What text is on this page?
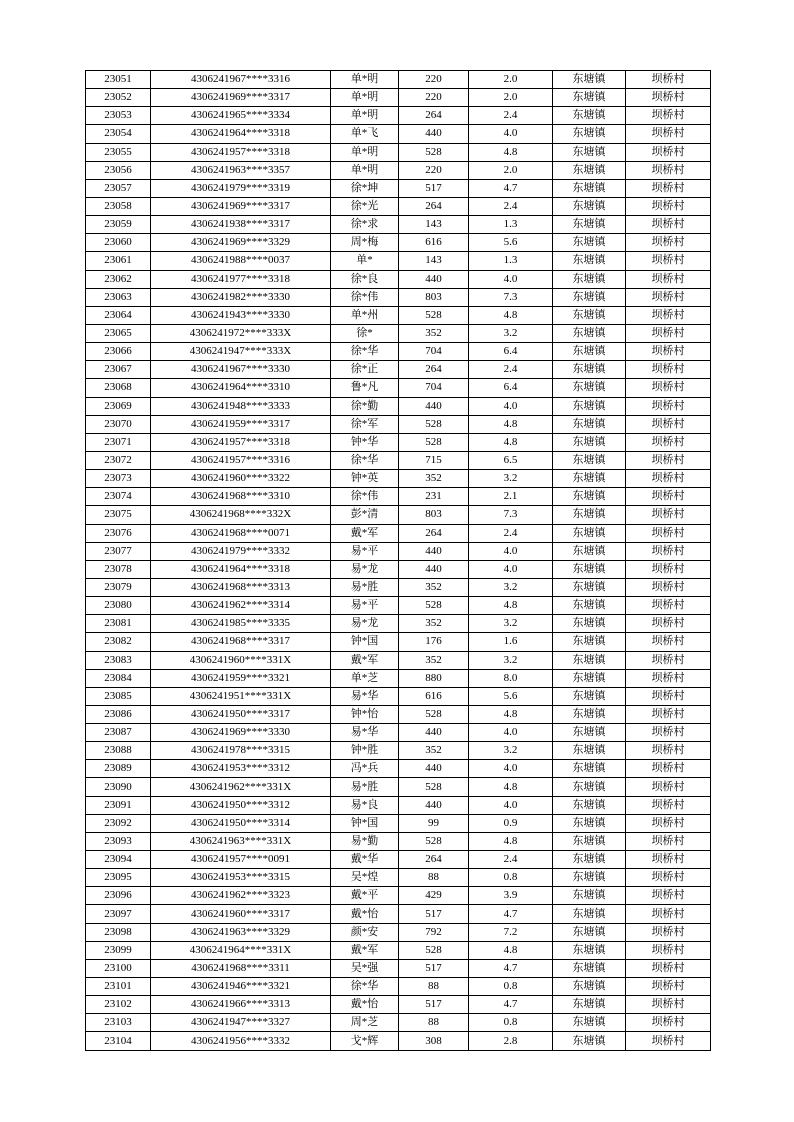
23051	4306241967****3316	单*明	220	2.0	东塘镇	坝桥村
23052	4306241969****3317	单*明	220	2.0	东塘镇	坝桥村
23053	4306241965****3334	单*明	264	2.4	东塘镇	坝桥村
23054	4306241964****3318	单*飞	440	4.0	东塘镇	坝桥村
23055	4306241957****3318	单*明	528	4.8	东塘镇	坝桥村
23056	4306241963****3357	单*明	220	2.0	东塘镇	坝桥村
23057	4306241979****3319	徐*坤	517	4.7	东塘镇	坝桥村
23058	4306241969****3317	徐*光	264	2.4	东塘镇	坝桥村
23059	4306241938****3317	徐*求	143	1.3	东塘镇	坝桥村
23060	4306241969****3329	周*梅	616	5.6	东塘镇	坝桥村
23061	4306241988****0037	单*	143	1.3	东塘镇	坝桥村
23062	4306241977****3318	徐*良	440	4.0	东塘镇	坝桥村
23063	4306241982****3330	徐*伟	803	7.3	东塘镇	坝桥村
23064	4306241943****3330	单*州	528	4.8	东塘镇	坝桥村
23065	4306241972****333X	徐*	352	3.2	东塘镇	坝桥村
23066	4306241947****333X	徐*华	704	6.4	东塘镇	坝桥村
23067	4306241967****3330	徐*正	264	2.4	东塘镇	坝桥村
23068	4306241964****3310	鲁*凡	704	6.4	东塘镇	坝桥村
23069	4306241948****3333	徐*勤	440	4.0	东塘镇	坝桥村
23070	4306241959****3317	徐*军	528	4.8	东塘镇	坝桥村
23071	4306241957****3318	钟*华	528	4.8	东塘镇	坝桥村
23072	4306241957****3316	徐*华	715	6.5	东塘镇	坝桥村
23073	4306241960****3322	钟*英	352	3.2	东塘镇	坝桥村
23074	4306241968****3310	徐*伟	231	2.1	东塘镇	坝桥村
23075	4306241968****332X	彭*清	803	7.3	东塘镇	坝桥村
23076	4306241968****0071	戴*军	264	2.4	东塘镇	坝桥村
23077	4306241979****3332	易*平	440	4.0	东塘镇	坝桥村
23078	4306241964****3318	易*龙	440	4.0	东塘镇	坝桥村
23079	4306241968****3313	易*胜	352	3.2	东塘镇	坝桥村
23080	4306241962****3314	易*平	528	4.8	东塘镇	坝桥村
23081	4306241985****3335	易*龙	352	3.2	东塘镇	坝桥村
23082	4306241968****3317	钟*国	176	1.6	东塘镇	坝桥村
23083	4306241960****331X	戴*军	352	3.2	东塘镇	坝桥村
23084	4306241959****3321	单*芝	880	8.0	东塘镇	坝桥村
23085	4306241951****331X	易*华	616	5.6	东塘镇	坝桥村
23086	4306241950****3317	钟*怡	528	4.8	东塘镇	坝桥村
23087	4306241969****3330	易*华	440	4.0	东塘镇	坝桥村
23088	4306241978****3315	钟*胜	352	3.2	东塘镇	坝桥村
23089	4306241953****3312	冯*兵	440	4.0	东塘镇	坝桥村
23090	4306241962****331X	易*胜	528	4.8	东塘镇	坝桥村
23091	4306241950****3312	易*良	440	4.0	东塘镇	坝桥村
23092	4306241950****3314	钟*国	99	0.9	东塘镇	坝桥村
23093	4306241963****331X	易*勤	528	4.8	东塘镇	坝桥村
23094	4306241957****0091	戴*华	264	2.4	东塘镇	坝桥村
23095	4306241953****3315	吴*煌	88	0.8	东塘镇	坝桥村
23096	4306241962****3323	戴*平	429	3.9	东塘镇	坝桥村
23097	4306241960****3317	戴*怡	517	4.7	东塘镇	坝桥村
23098	4306241963****3329	颜*安	792	7.2	东塘镇	坝桥村
23099	4306241964****331X	戴*军	528	4.8	东塘镇	坝桥村
23100	4306241968****3311	吴*强	517	4.7	东塘镇	坝桥村
23101	4306241946****3321	徐*华	88	0.8	东塘镇	坝桥村
23102	4306241966****3313	戴*怡	517	4.7	东塘镇	坝桥村
23103	4306241947****3327	周*芝	88	0.8	东塘镇	坝桥村
23104	4306241956****3332	戈*辉	308	2.8	东塘镇	坝桥村
